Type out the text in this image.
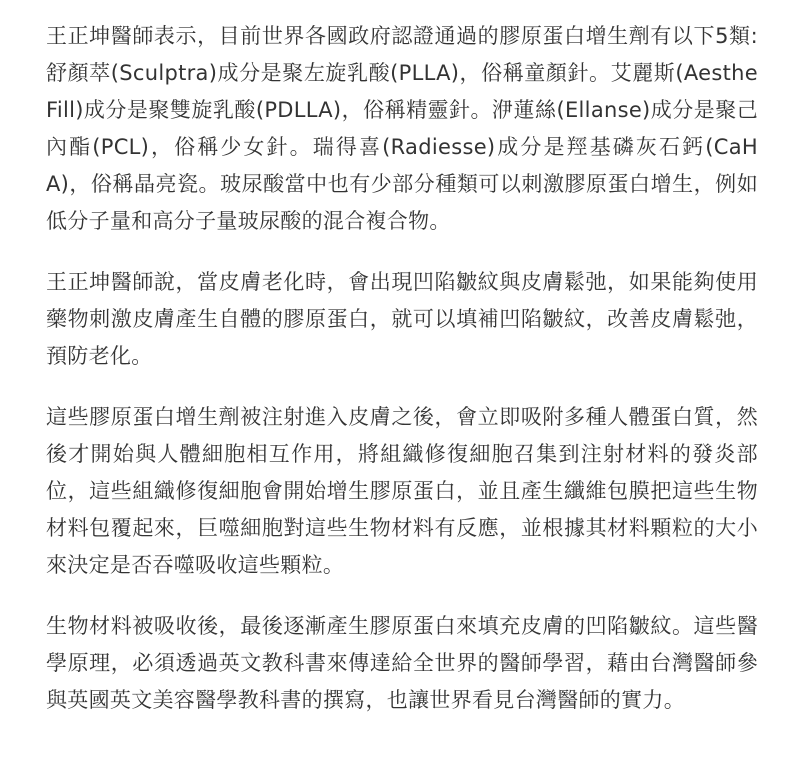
王正坤醫師表示，目前世界各國政府認證通過的膠原蛋白增生劑有以下5類:舒顏萃(Sculptra)成分是聚左旋乳酸(PLLA)，俗稱童顏針。艾麗斯(AestheFill)成分是聚雙旋乳酸(PDLLA)，俗稱精靈針。洢蓮絲(Ellanse)成分是聚己內酯(PCL)，俗稱少女針。瑞得喜(Radiesse)成分是羥基磷灰石鈣(CaHA)，俗稱晶亮瓷。玻尿酸當中也有少部分種類可以刺激膠原蛋白增生，例如低分子量和高分子量玻尿酸的混合複合物。

王正坤醫師說，當皮膚老化時，會出現凹陷皺紋與皮膚鬆弛，如果能夠使用藥物刺激皮膚產生自體的膠原蛋白，就可以填補凹陷皺紋，改善皮膚鬆弛，預防老化。

這些膠原蛋白增生劑被注射進入皮膚之後，會立即吸附多種人體蛋白質，然後才開始與人體細胞相互作用，將組織修復細胞召集到注射材料的發炎部位，這些組織修復細胞會開始增生膠原蛋白，並且產生纖維包膜把這些生物材料包覆起來，巨噬細胞對這些生物材料有反應，並根據其材料顆粒的大小來決定是否吞噬吸收這些顆粒。

生物材料被吸收後，最後逐漸產生膠原蛋白來填充皮膚的凹陷皺紋。這些醫學原理，必須透過英文教科書來傳達給全世界的醫師學習，藉由台灣醫師參與英國英文美容醫學教科書的撰寫，也讓世界看見台灣醫師的實力。
